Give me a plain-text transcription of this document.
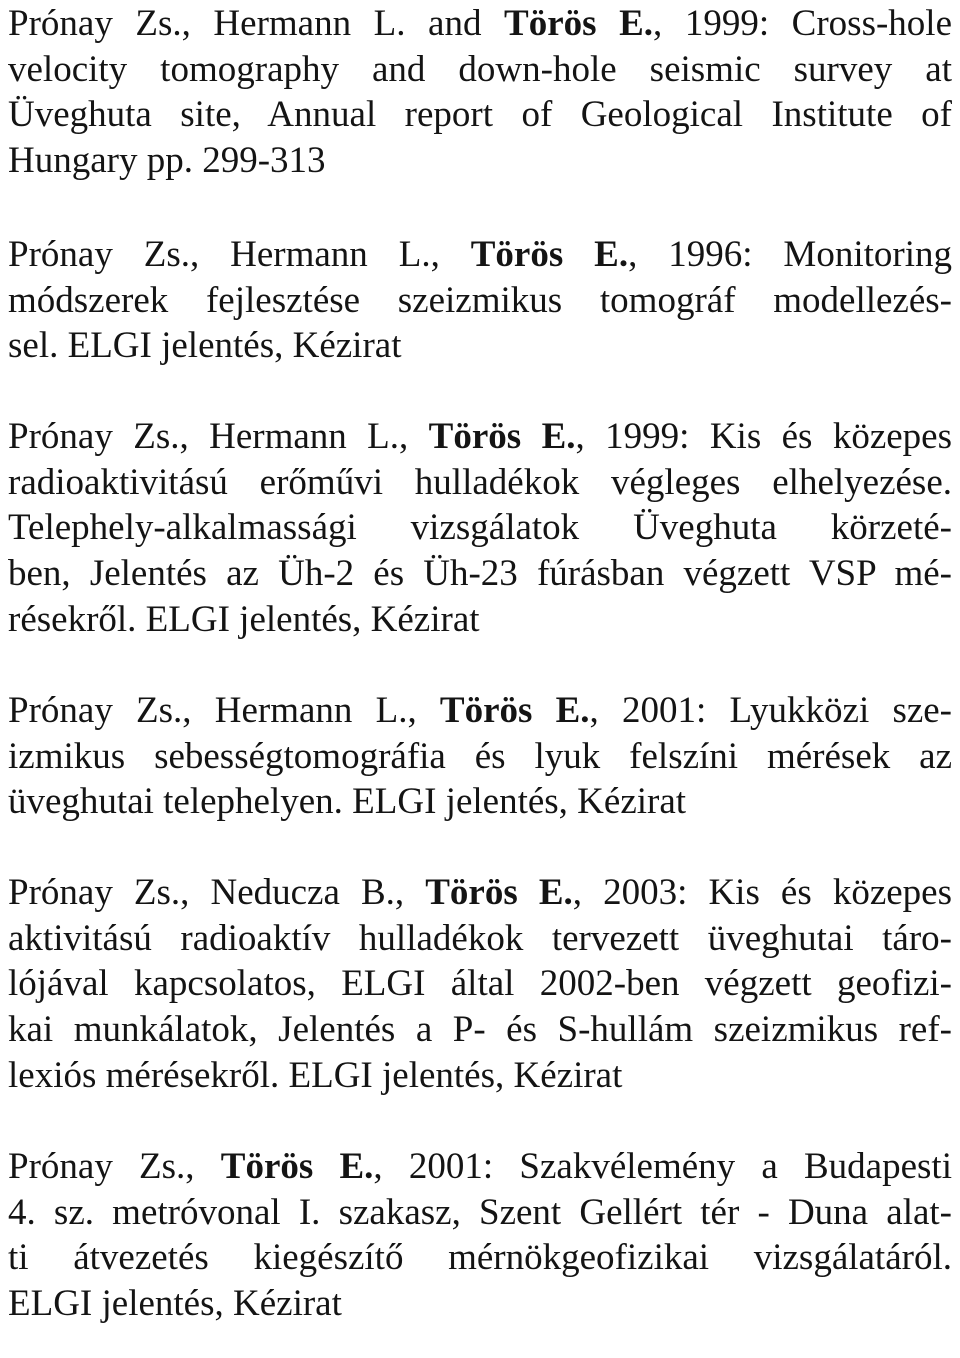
Prónay Zs., Hermann L. and Törös E., 1999: Cross-hole
velocity tomography and down-hole seismic survey at
Üveghuta site, Annual report of Geological Institute of
Hungary pp. 299-313
Prónay Zs., Hermann L., Törös E., 1996: Monitoring
módszerek fejlesztése szeizmikus tomográf modellezés-
sel. ELGI jelentés, Kézirat
Prónay Zs., Hermann L., Törös E., 1999: Kis és közepes
radioaktivitású erőművi hulladékok végleges elhelyezése.
Telephely-alkalmassági vizsgálatok Üveghuta körzeté-
ben, Jelentés az Üh-2 és Üh-23 fúrásban végzett VSP mé-
résekről. ELGI jelentés, Kézirat
Prónay Zs., Hermann L., Törös E., 2001: Lyukközi sze-
izmikus sebességtomográfia és lyuk felszíni mérések az
üveghutai telephelyen. ELGI jelentés, Kézirat
Prónay Zs., Neducza B., Törös E., 2003: Kis és közepes
aktivitású radioaktív hulladékok tervezett üveghutai táro-
lójával kapcsolatos, ELGI által 2002-ben végzett geofizi-
kai munkálatok, Jelentés a P- és S-hullám szeizmikus ref-
lexiós mérésekről. ELGI jelentés, Kézirat
Prónay Zs., Törös E., 2001: Szakvélemény a Budapesti
4. sz. metróvonal I. szakasz, Szent Gellért tér - Duna alat-
ti átvezetés kiegészítő mérnökgeofizikai vizsgálatáról.
ELGI jelentés, Kézirat
